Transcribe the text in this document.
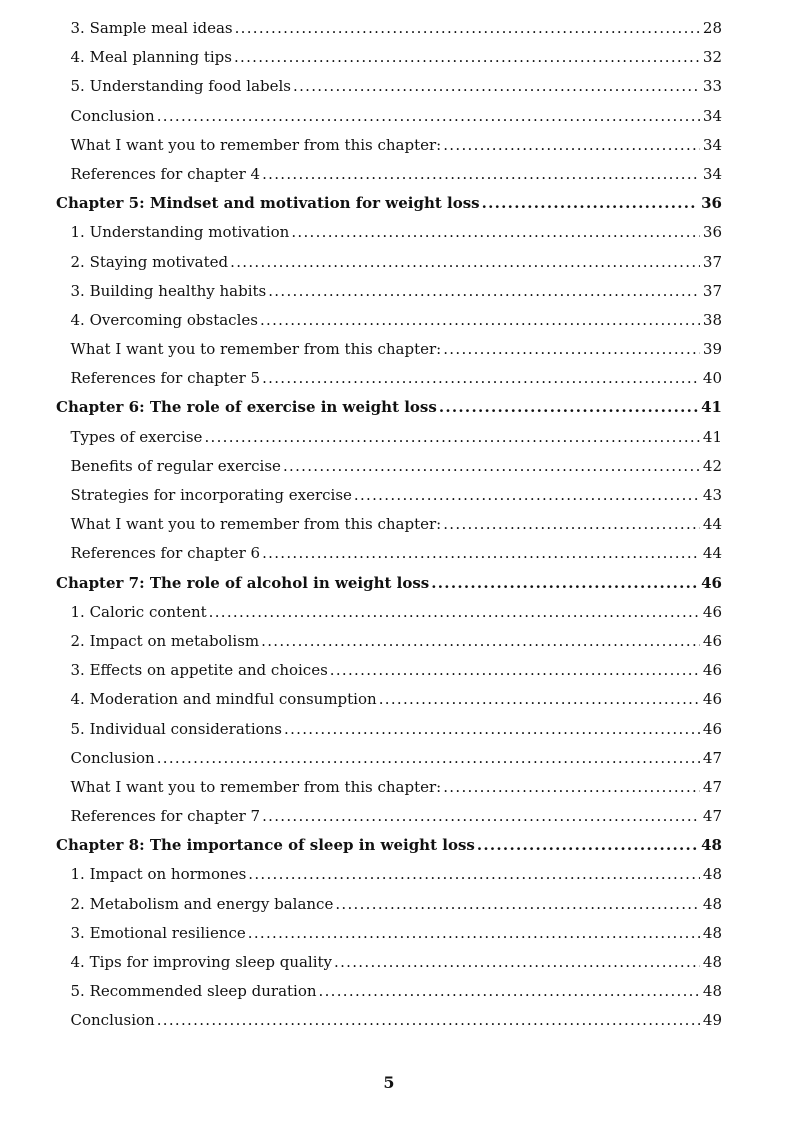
3. Sample meal ideas .....	28
4. Meal planning tips .....	32
5. Understanding food labels .....	33
Conclusion .....	34
What I want you to remember from this chapter: .....	34
References for chapter 4 .....	34
Chapter 5: Mindset and motivation for weight loss .....	36
1. Understanding motivation .....	36
2. Staying motivated .....	37
3. Building healthy habits .....	37
4. Overcoming obstacles .....	38
What I want you to remember from this chapter: .....	39
References for chapter 5 .....	40
Chapter 6: The role of exercise in weight loss .....	41
Types of exercise .....	41
Benefits of regular exercise .....	42
Strategies for incorporating exercise .....	43
What I want you to remember from this chapter: .....	44
References for chapter 6 .....	44
Chapter 7: The role of alcohol in weight loss .....	46
1. Caloric content .....	46
2. Impact on metabolism .....	46
3. Effects on appetite and choices .....	46
4. Moderation and mindful consumption .....	46
5. Individual considerations .....	46
Conclusion .....	47
What I want you to remember from this chapter: .....	47
References for chapter 7 .....	47
Chapter 8: The importance of sleep in weight loss .....	48
1. Impact on hormones .....	48
2. Metabolism and energy balance .....	48
3. Emotional resilience .....	48
4. Tips for improving sleep quality .....	48
5. Recommended sleep duration .....	48
Conclusion .....	49
5
